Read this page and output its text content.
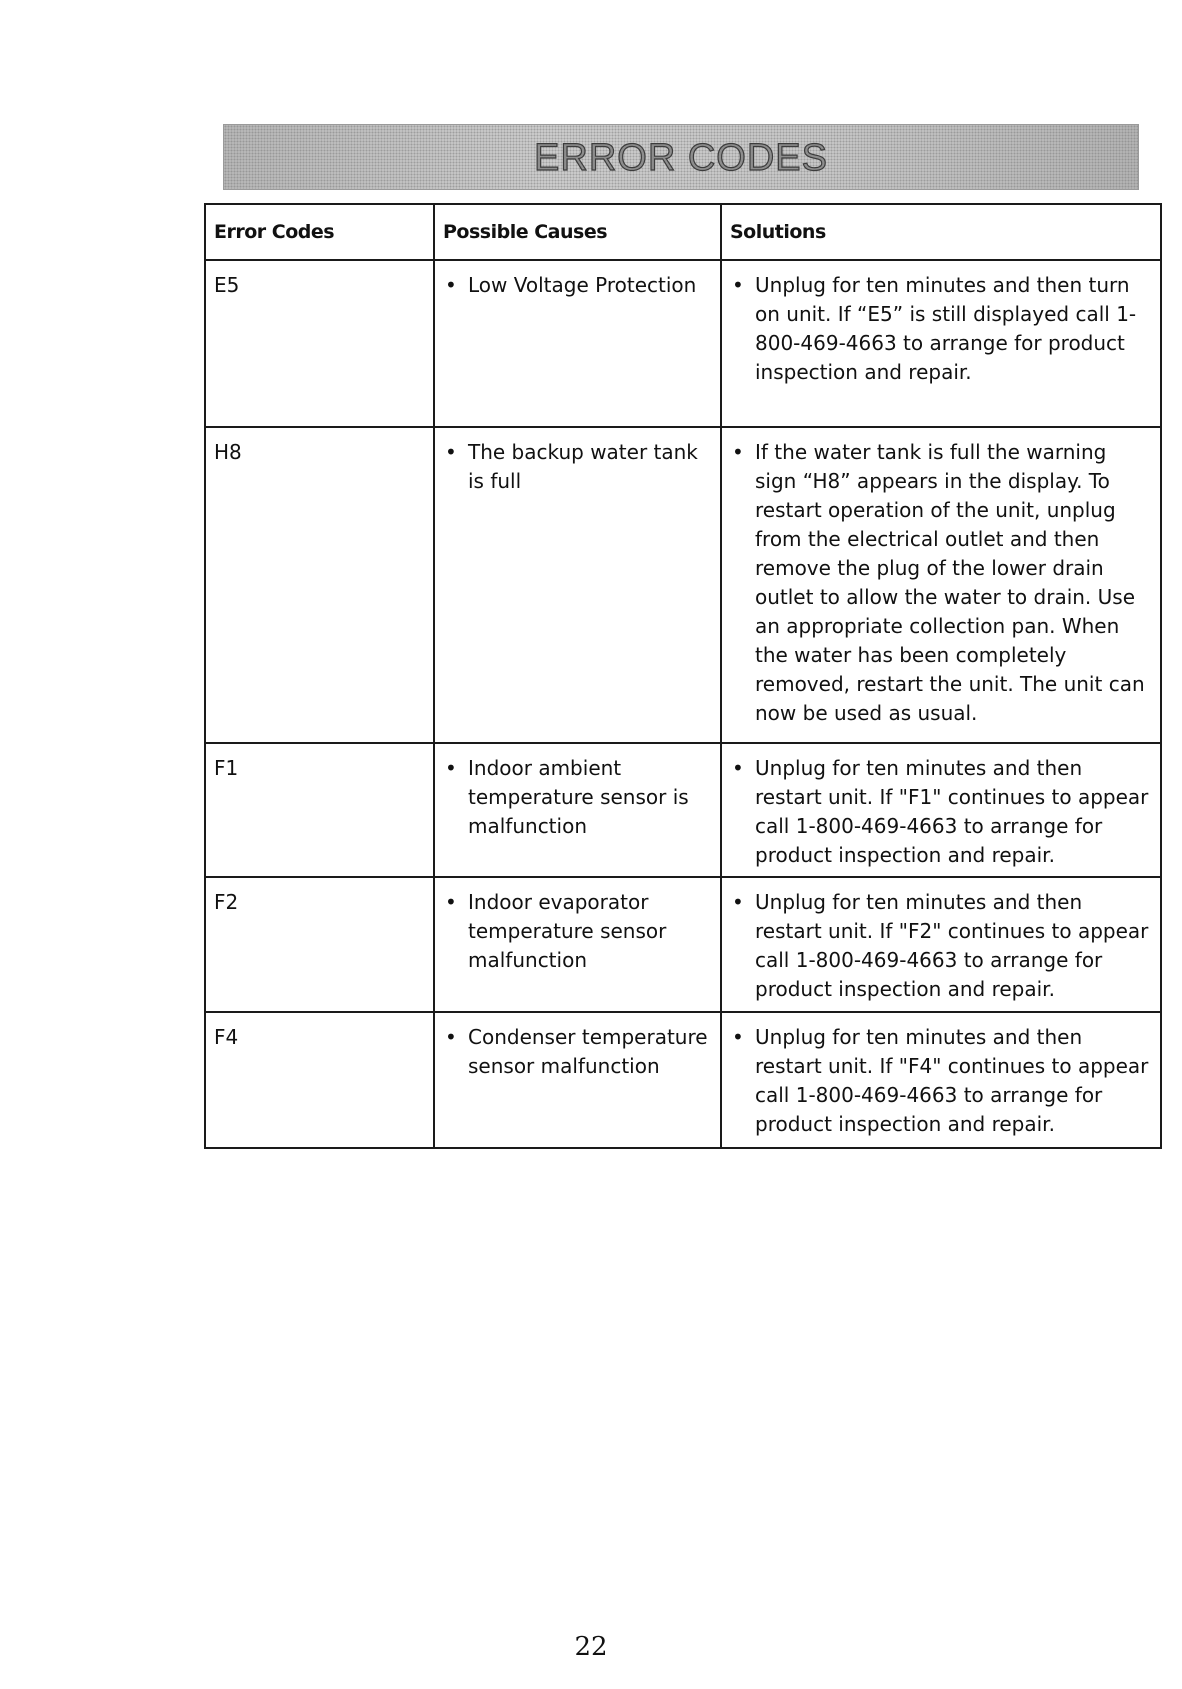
ERROR CODES
Error Codes	Possible Causes	Solutions
E5	• Low Voltage Protection	• Unplug for ten minutes and then turn on unit. If “E5” is still displayed call 1-800-469-4663 to arrange for product inspection and repair.

H8	• The backup water tank is full	• If the water tank is full the warning sign “H8” appears in the display. To restart operation of the unit, unplug from the electrical outlet and then remove the plug of the lower drain outlet to allow the water to drain. Use an appropriate collection pan. When the water has been completely removed, restart the unit. The unit can now be used as usual.

F1	• Indoor ambient temperature sensor is malfunction	• Unplug for ten minutes and then restart unit. If "F1" continues to appear call 1-800-469-4663 to arrange for product inspection and repair.

F2	• Indoor evaporator temperature sensor malfunction	• Unplug for ten minutes and then restart unit. If "F2" continues to appear call 1-800-469-4663 to arrange for product inspection and repair.

F4	• Condenser temperature sensor malfunction	• Unplug for ten minutes and then restart unit. If "F4" continues to appear call 1-800-469-4663 to arrange for product inspection and repair.
22
